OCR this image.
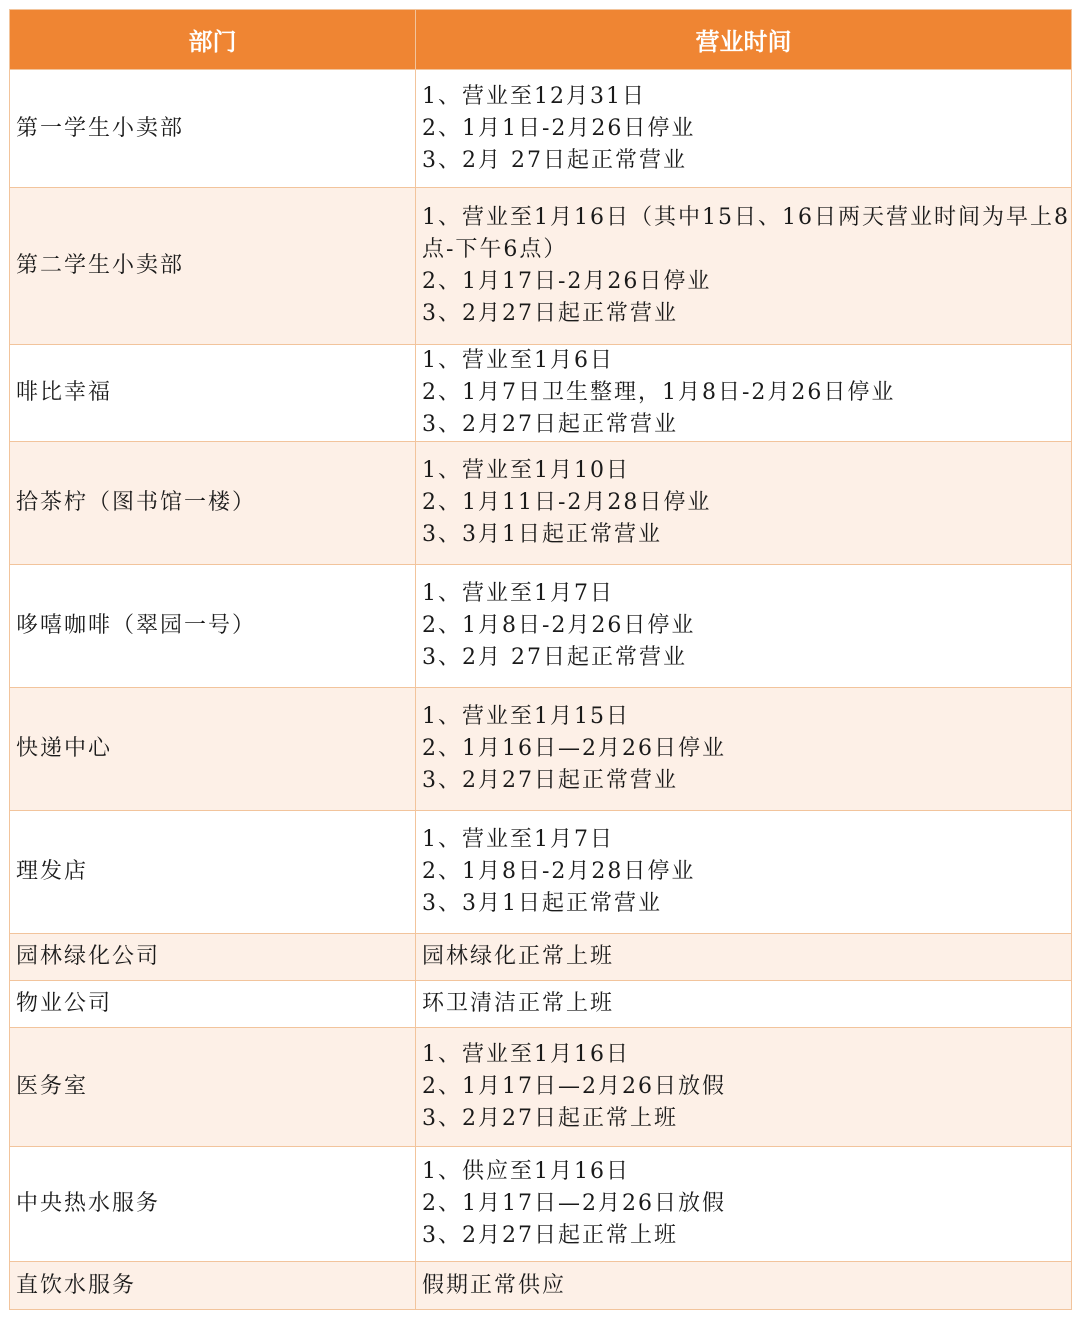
部门	营业时间
第一学生小卖部	1、营业至12月31日
2、1月1日-2月26日停业
3、2月 27日起正常营业

第二学生小卖部	1、营业至1月16日（其中15日、16日两天营业时间为早上8点-下午6点）
2、1月17日-2月26日停业
3、2月27日起正常营业

啡比幸福	1、营业至1月6日
2、1月7日卫生整理，1月8日-2月26日停业
3、2月27日起正常营业

拾茶柠（图书馆一楼）	1、营业至1月10日
2、1月11日-2月28日停业
3、3月1日起正常营业

哆嘻咖啡（翠园一号）	1、营业至1月7日
2、1月8日-2月26日停业
3、2月 27日起正常营业

快递中心	1、营业至1月15日
2、1月16日—2月26日停业
3、2月27日起正常营业

理发店	1、营业至1月7日
2、1月8日-2月28日停业
3、3月1日起正常营业

园林绿化公司	园林绿化正常上班

物业公司	环卫清洁正常上班

医务室	1、营业至1月16日
2、1月17日—2月26日放假
3、2月27日起正常上班

中央热水服务	1、供应至1月16日
2、1月17日—2月26日放假
3、2月27日起正常上班

直饮水服务	假期正常供应
